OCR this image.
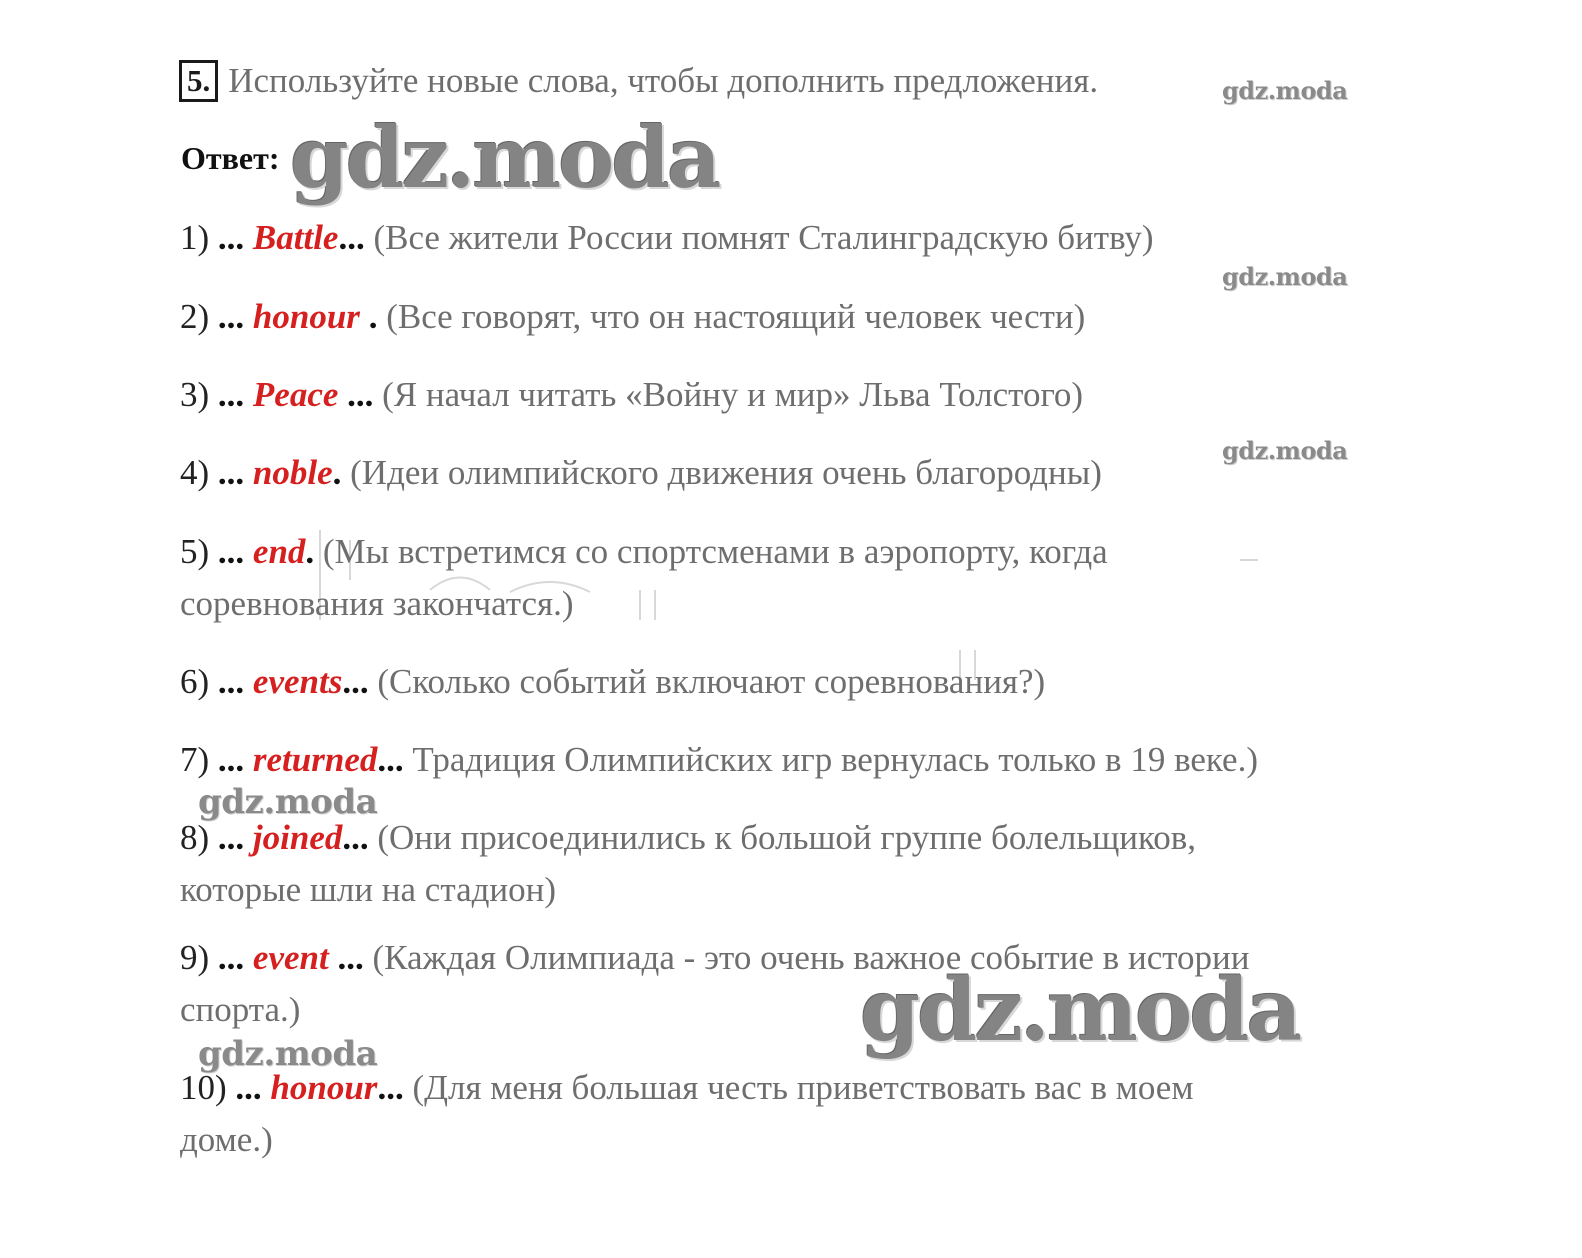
5. Используйте новые слова, чтобы дополнить предложения.	gdz.moda
Ответ: gdz.moda
1) ... Battle... (Все жители России помнят Сталинградскую битву)
gdz.moda
2) ... honour . (Все говорят, что он настоящий человек чести)
3) ... Peace ... (Я начал читать «Войну и мир» Льва Толстого)
gdz.moda
4) ... noble. (Идеи олимпийского движения очень благородны)
5) ... end. (Мы встретимся со спортсменами в аэропорту, когда
соревнования закончатся.)
6) ... events... (Сколько событий включают соревнования?)
7) ... returned... Традиция Олимпийских игр вернулась только в 19 веке.)
gdz.moda
8) ... joined... (Они присоединились к большой группе болельщиков,
которые шли на стадион)
9) ... event ... (Каждая Олимпиада - это очень важное событие в истории
спорта.)	gdz.moda
gdz.moda
10) ... honour... (Для меня большая честь приветствовать вас в моем
доме.)
